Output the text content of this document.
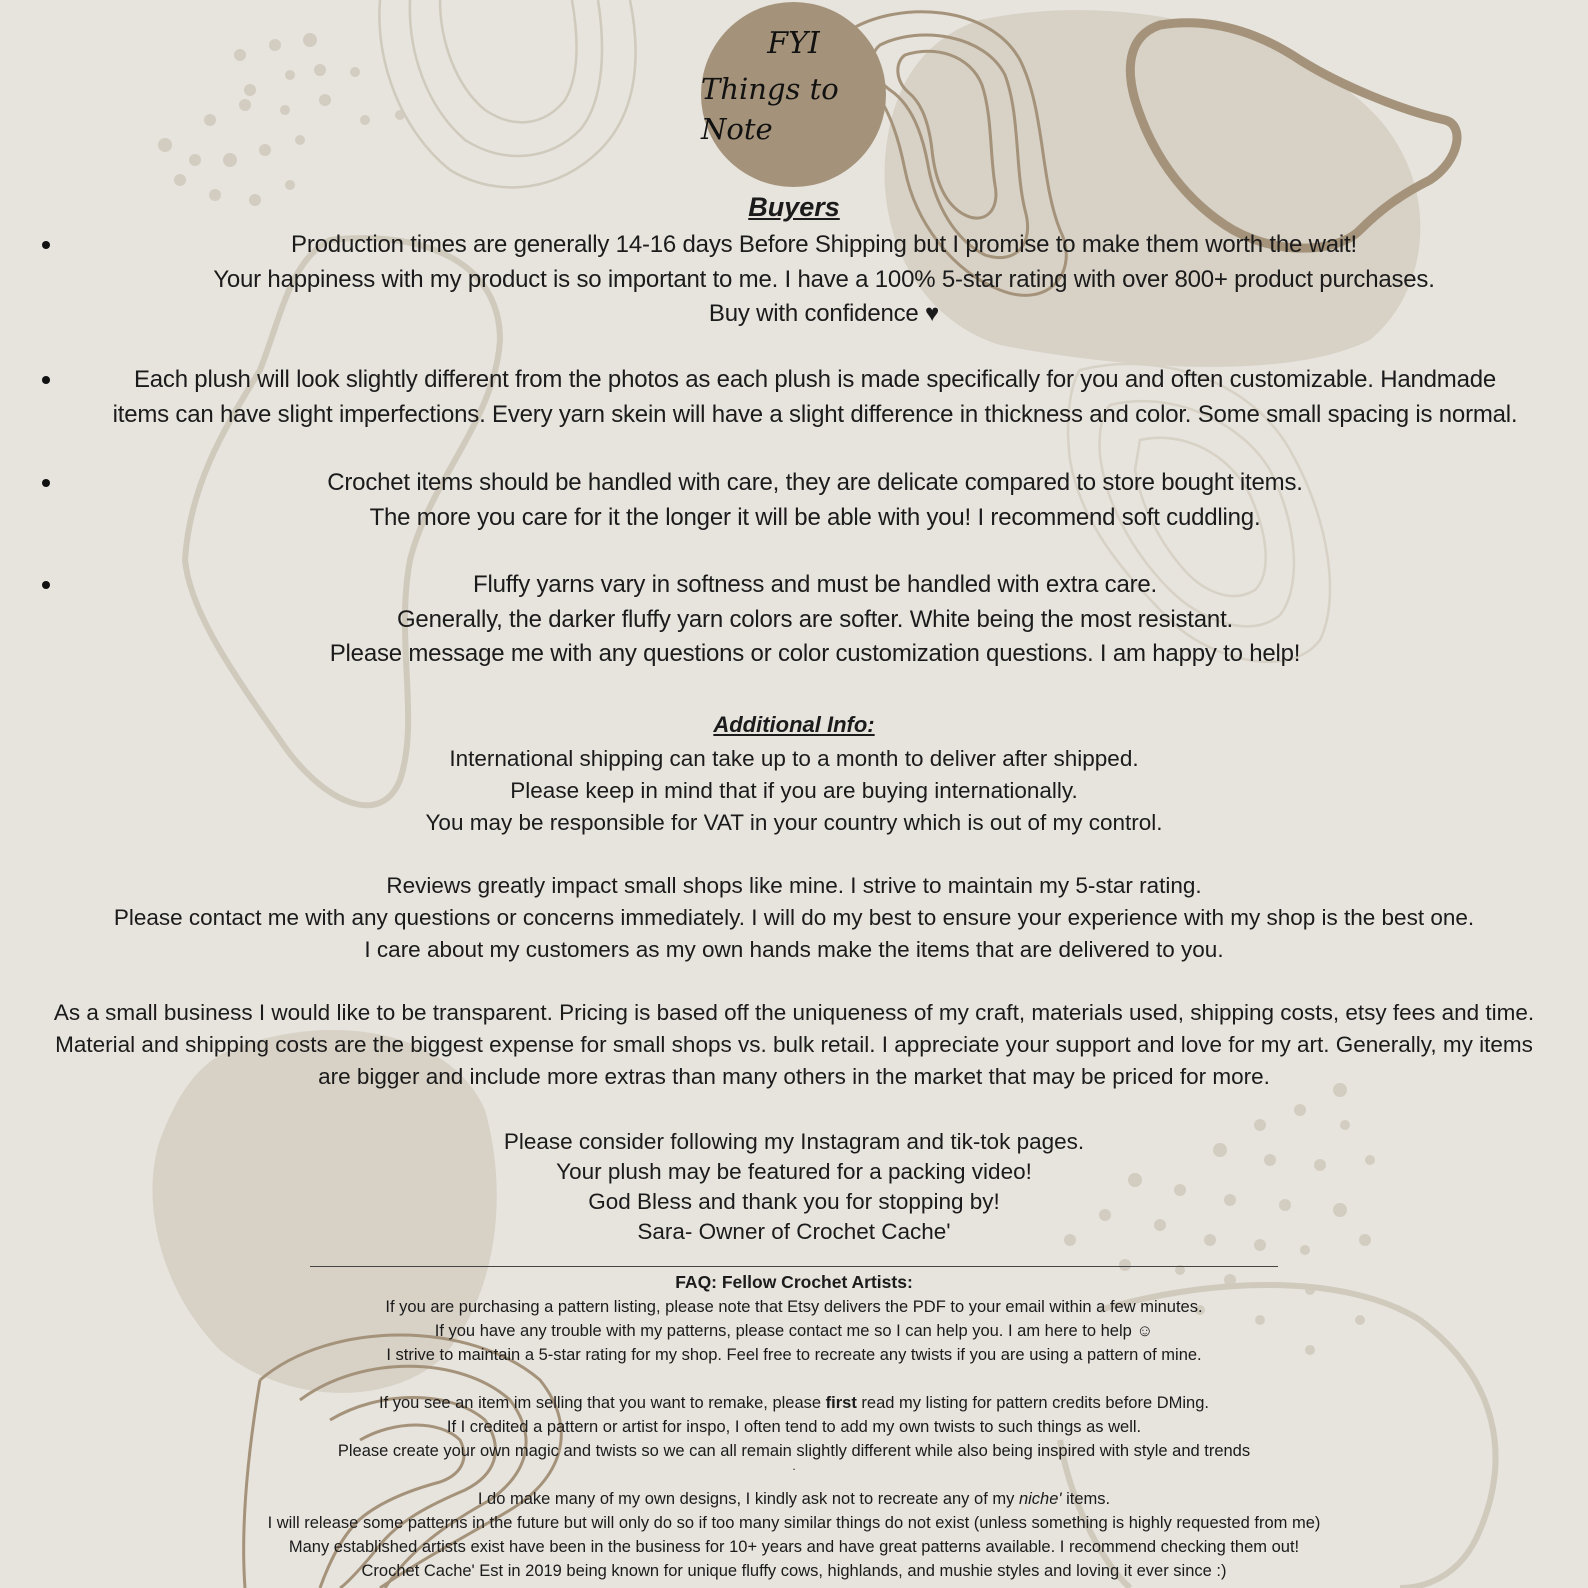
FYI
Things to Note
Buyers
Production times are generally 14-16 days Before Shipping but I promise to make them worth the wait!
Your happiness with my product is so important to me. I have a 100% 5-star rating with over 800+ product purchases.
Buy with confidence ♥
Each plush will look slightly different from the photos as each plush is made specifically for you and often customizable. Handmade
items can have slight imperfections. Every yarn skein will have a slight difference in thickness and color. Some small spacing is normal.
Crochet items should be handled with care, they are delicate compared to store bought items.
The more you care for it the longer it will be able with you! I recommend soft cuddling.
Fluffy yarns vary in softness and must be handled with extra care.
Generally, the darker fluffy yarn colors are softer. White being the most resistant.
Please message me with any questions or color customization questions. I am happy to help!
Additional Info:
International shipping can take up to a month to deliver after shipped.
Please keep in mind that if you are buying internationally.
You may be responsible for VAT in your country which is out of my control.
Reviews greatly impact small shops like mine. I strive to maintain my 5-star rating.
Please contact me with any questions or concerns immediately. I will do my best to ensure your experience with my shop is the best one.
I care about my customers as my own hands make the items that are delivered to you.
As a small business I would like to be transparent. Pricing is based off the uniqueness of my craft, materials used, shipping costs, etsy fees and time.
Material and shipping costs are the biggest expense for small shops vs. bulk retail. I appreciate your support and love for my art. Generally, my items
are bigger and include more extras than many others in the market that may be priced for more.
Please consider following my Instagram and tik-tok pages.
Your plush may be featured for a packing video!
God Bless and thank you for stopping by!
Sara- Owner of Crochet Cache'
FAQ: Fellow Crochet Artists:
If you are purchasing a pattern listing, please note that Etsy delivers the PDF to your email within a few minutes.
If you have any trouble with my patterns, please contact me so I can help you. I am here to help ☺
I strive to maintain a 5-star rating for my shop. Feel free to recreate any twists if you are using a pattern of mine.
If you see an item im selling that you want to remake, please first read my listing for pattern credits before DMing.
If I credited a pattern or artist for inspo, I often tend to add my own twists to such things as well.
Please create your own magic and twists so we can all remain slightly different while also being inspired with style and trends
.
I do make many of my own designs, I kindly ask not to recreate any of my niche' items.
I will release some patterns in the future but will only do so if too many similar things do not exist (unless something is highly requested from me)
Many established artists exist have been in the business for 10+ years and have great patterns available. I recommend checking them out!
Crochet Cache' Est in 2019 being known for unique fluffy cows, highlands, and mushie styles and loving it ever since :)
